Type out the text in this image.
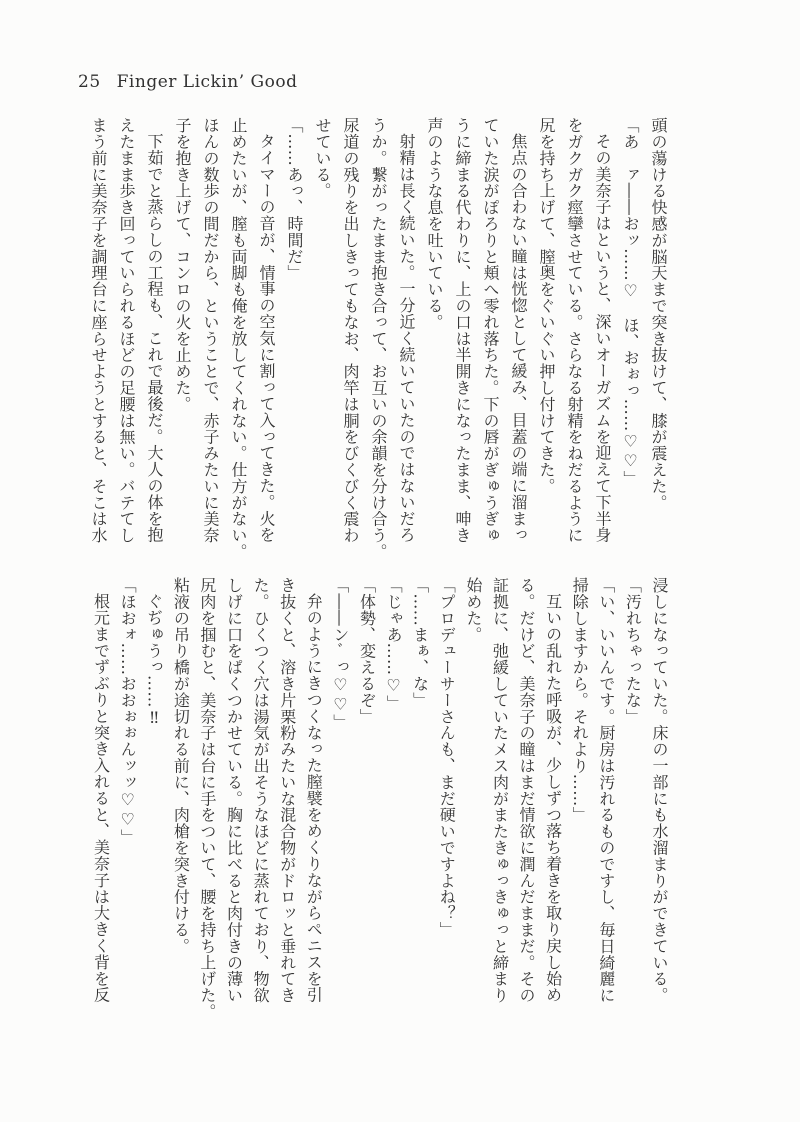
25 Finger Lickin’ Good

頭の蕩ける快感が脳天まで突き抜けて、膝が震えた。

「あ　ァ――おッ……♡　ほ、おぉっ……♡♡」

その美奈子はというと、深いオーガズムを迎えて下半身

をガクガク痙攣させている。さらなる射精をねだるように

尻を持ち上げて、膣奥をぐいぐい押し付けてきた。

焦点の合わない瞳は恍惚として緩み、目蓋の端に溜まっ

ていた涙がぽろりと頬へ零れ落ちた。下の唇がぎゅうぎゅ

うに締まる代わりに、上の口は半開きになったまま、呻き

声のような息を吐いている。

射精は長く続いた。一分近く続いていたのではないだろ

うか。繋がったまま抱き合って、お互いの余韻を分け合う。

尿道の残りを出しきってもなお、肉竿は胴をびくびく震わ

せている。

「……あっ、時間だ」

タイマーの音が、情事の空気に割って入ってきた。火を

止めたいが、膣も両脚も俺を放してくれない。仕方がない。

ほんの数歩の間だから、ということで、赤子みたいに美奈

子を抱き上げて、コンロの火を止めた。

下茹でと蒸らしの工程も、これで最後だ。大人の体を抱

えたまま歩き回っていられるほどの足腰は無い。バテてし

まう前に美奈子を調理台に座らせようとすると、そこは水

浸しになっていた。床の一部にも水溜まりができている。

「汚れちゃったな」

「い、いいんです。厨房は汚れるものですし、毎日綺麗に

掃除しますから。それより……」

互いの乱れた呼吸が、少しずつ落ち着きを取り戻し始め

る。だけど、美奈子の瞳はまだ情欲に潤んだままだ。その

証拠に、弛緩していたメス肉がまたきゅっきゅっと締まり

始めた。

「プロデューサーさんも、まだ硬いですよね？」

「……まぁ、な」

「じゃあ……♡」

「体勢、変えるぞ」

「――ンﾞっ♡♡」

弁のようにきつくなった膣襞をめくりながらペニスを引

き抜くと、溶き片栗粉みたいな混合物がドロッと垂れてき

た。ひくつく穴は湯気が出そうなほどに蒸れており、物欲

しげに口をぱくつかせている。胸に比べると肉付きの薄い

尻肉を掴むと、美奈子は台に手をついて、腰を持ち上げた。

粘液の吊り橋が途切れる前に、肉槍を突き付ける。

ぐぢゅうっ……‼

「ほおォ……おおぉぉんッッ♡♡」

根元までずぶりと突き入れると、美奈子は大きく背を反
